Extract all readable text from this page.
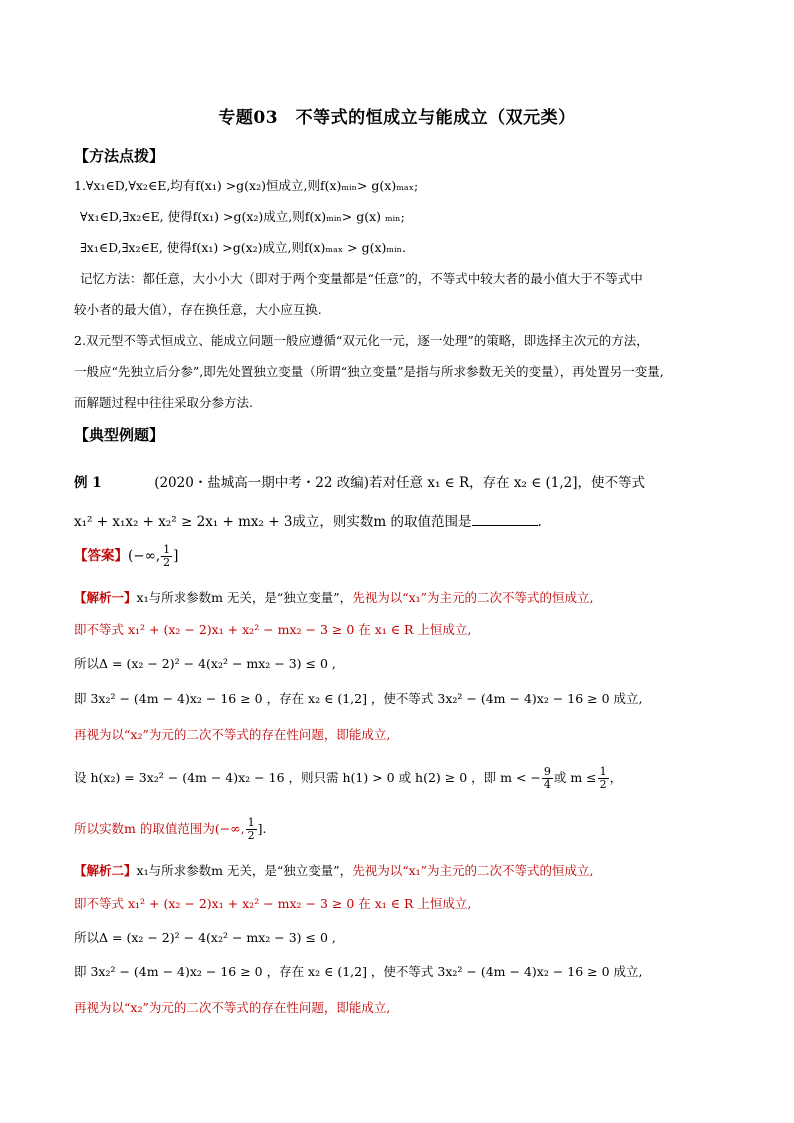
专题03　不等式的恒成立与能成立（双元类）
【方法点拨】
1.∀x₁∈D,∀x₂∈E,均有f(x₁) >g(x₂)恒成立,则f(x)ₘᵢₙ> g(x)ₘₐₓ;
∀x₁∈D,∃x₂∈E, 使得f(x₁) >g(x₂)成立,则f(x)ₘᵢₙ> g(x) ₘᵢₙ;
∃x₁∈D,∃x₂∈E, 使得f(x₁) >g(x₂)成立,则f(x)ₘₐₓ > g(x)ₘᵢₙ.
记忆方法：都任意，大小小大（即对于两个变量都是“任意”的，不等式中较大者的最小值大于不等式中
较小者的最大值），存在换任意，大小应互换.
2.双元型不等式恒成立、能成立问题一般应遵循“双元化一元，逐一处理”的策略，即选择主次元的方法，
一般应“先独立后分参”,即先处置独立变量（所谓“独立变量”是指与所求参数无关的变量），再处置另一变量,
而解题过程中往往采取分参方法.
【典型例题】
例 1	(2020・盐城高一期中考・22 改编)若对任意 x₁ ∈ R，存在 x₂ ∈ (1,2]，使不等式
x₁² + x₁x₂ + x₂² ≥ 2x₁ + mx₂ + 3成立，则实数m 的取值范围是	.
【答案】(−∞, $\frac{1}{2}$ ]
【解析一】x₁与所求参数m 无关，是“独立变量”，先视为以“x₁”为主元的二次不等式的恒成立,
即不等式 x₁² + (x₂ − 2)x₁ + x₂² − mx₂ − 3 ≥ 0 在 x₁ ∈ R 上恒成立,
所以Δ = (x₂ − 2)² − 4(x₂² − mx₂ − 3) ≤ 0 ,
即 3x₂² − (4m − 4)x₂ − 16 ≥ 0 ，存在 x₂ ∈ (1,2] ，使不等式 3x₂² − (4m − 4)x₂ − 16 ≥ 0 成立,
再视为以“x₂”为元的二次不等式的存在性问题，即能成立,
设 h(x₂) = 3x₂² − (4m − 4)x₂ − 16 ，则只需 h(1) > 0 或 h(2) ≥ 0 ，即 m < − $\frac{9}{4}$ 或 $m \le \frac{1}{2}$ ，
所以实数m 的取值范围为(−∞, $\frac{1}{2}$ ].
【解析二】x₁与所求参数m 无关，是“独立变量”，先视为以“x₁”为主元的二次不等式的恒成立,
即不等式 x₁² + (x₂ − 2)x₁ + x₂² − mx₂ − 3 ≥ 0 在 x₁ ∈ R 上恒成立,
所以Δ = (x₂ − 2)² − 4(x₂² − mx₂ − 3) ≤ 0 ,
即 3x₂² − (4m − 4)x₂ − 16 ≥ 0 ，存在 x₂ ∈ (1,2] ，使不等式 3x₂² − (4m − 4)x₂ − 16 ≥ 0 成立,
再视为以“x₂”为元的二次不等式的存在性问题，即能成立,
